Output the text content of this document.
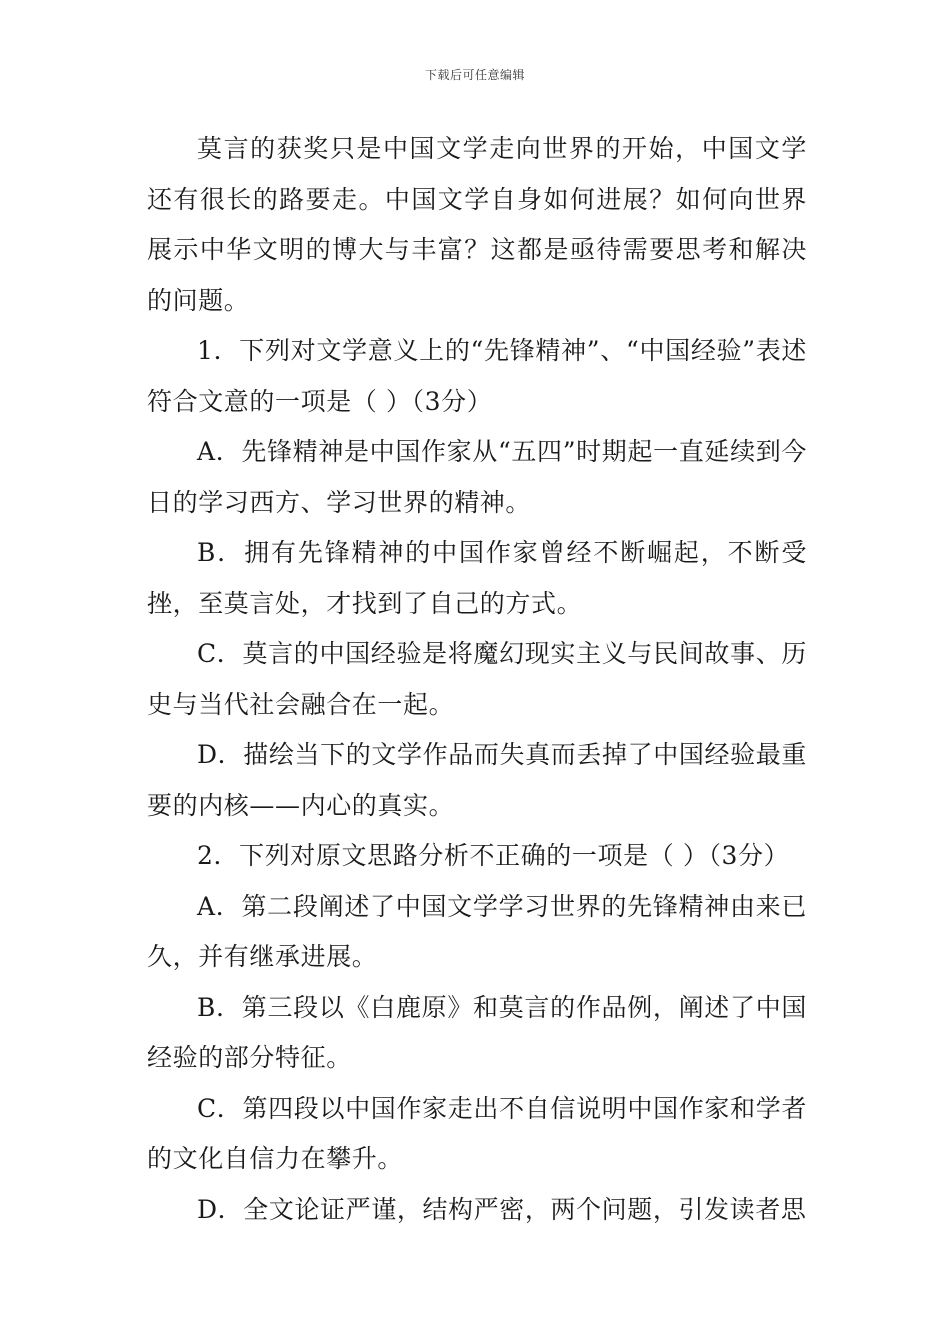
下载后可任意编辑

莫言的获奖只是中国文学走向世界的开始，中国文学还有很长的路要走。中国文学自身如何进展？如何向世界展示中华文明的博大与丰富？这都是亟待需要思考和解决的问题。

1．下列对文学意义上的“先锋精神”、“中国经验”表述符合文意的一项是（ ）（3分）

A．先锋精神是中国作家从“五四”时期起一直延续到今日的学习西方、学习世界的精神。

B．拥有先锋精神的中国作家曾经不断崛起，不断受挫，至莫言处，才找到了自己的方式。

C．莫言的中国经验是将魔幻现实主义与民间故事、历史与当代社会融合在一起。

D．描绘当下的文学作品而失真而丢掉了中国经验最重要的内核——内心的真实。

2．下列对原文思路分析不正确的一项是（ ）（3分）

A．第二段阐述了中国文学学习世界的先锋精神由来已久，并有继承进展。

B．第三段以《白鹿原》和莫言的作品例，阐述了中国经验的部分特征。

C．第四段以中国作家走出不自信说明中国作家和学者的文化自信力在攀升。

D．全文论证严谨，结构严密，两个问题，引发读者思
